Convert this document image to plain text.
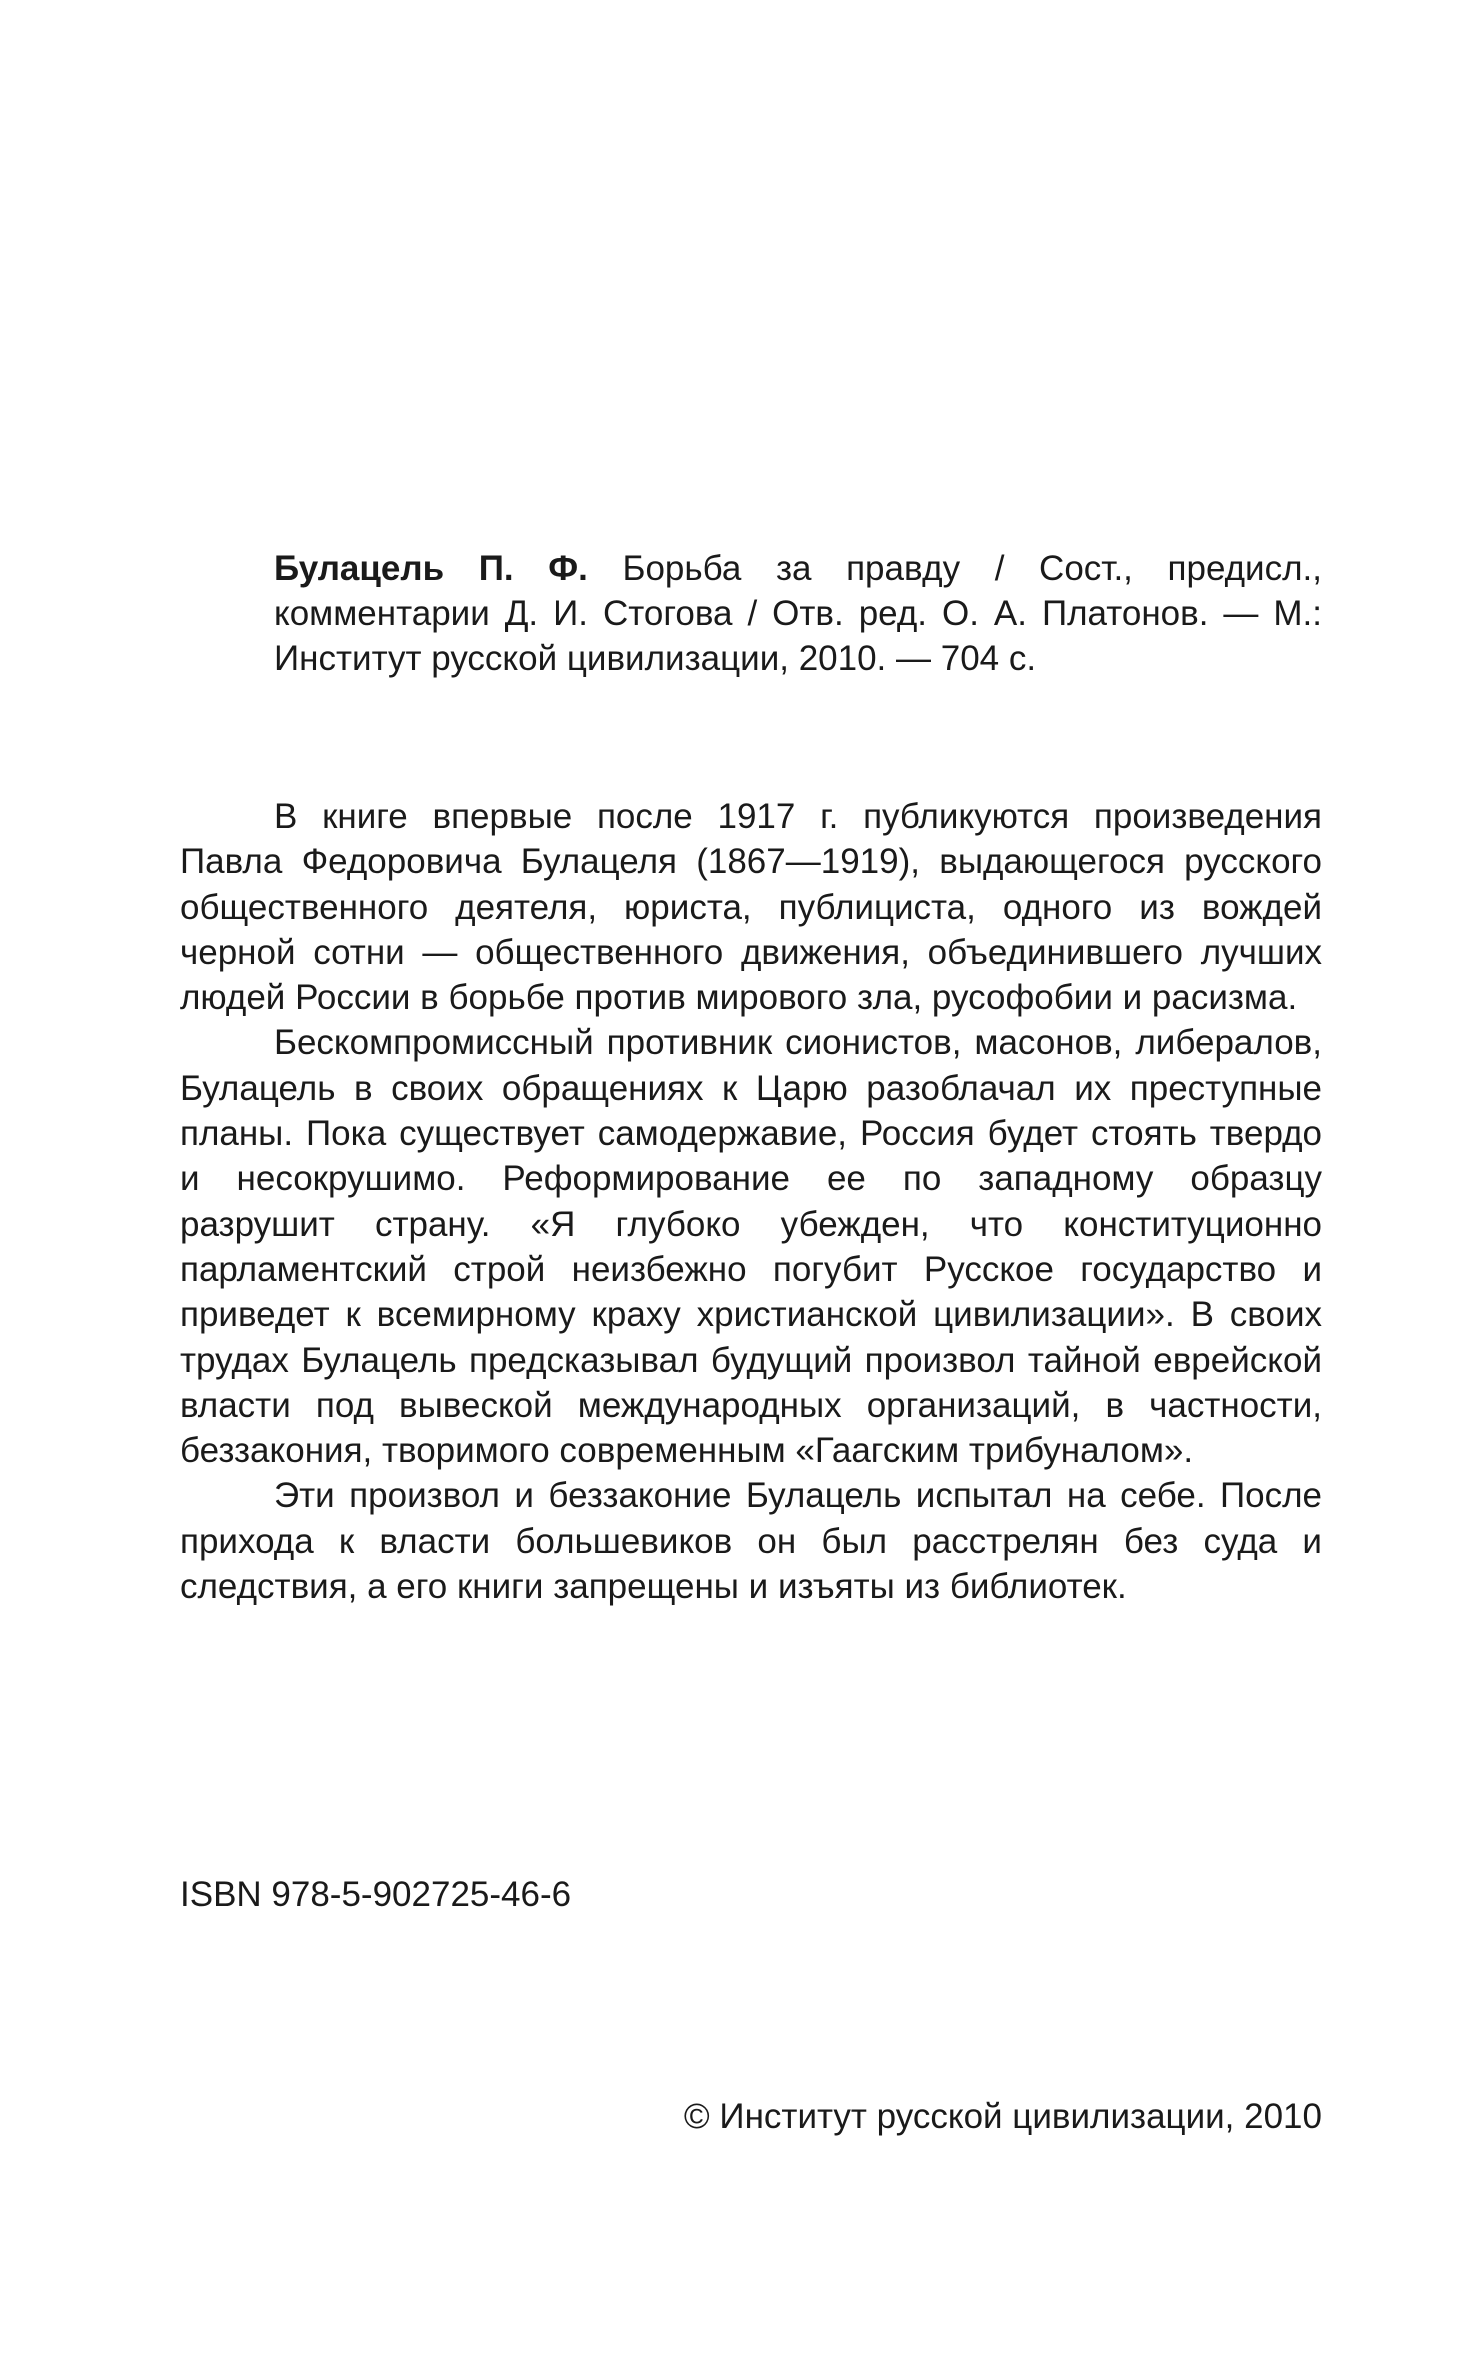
Булацель П. Ф. Борьба за правду / Сост., предисл., комментарии Д. И. Стогова / Отв. ред. О. А. Платонов. — М.: Институт русской цивилизации, 2010. — 704 с.

В книге впервые после 1917 г. публикуются произведения Павла Федоровича Булацеля (1867—1919), выдающегося русского общественного деятеля, юриста, публициста, одного из вождей черной сотни — общественного движения, объединившего лучших людей России в борьбе против мирового зла, русофобии и расизма.

Бескомпромиссный противник сионистов, масонов, либералов, Булацель в своих обращениях к Царю разоблачал их преступные планы. Пока существует самодержавие, Россия будет стоять твердо и несокрушимо. Реформирование ее по западному образцу разрушит страну. «Я глубоко убежден, что конституционно парламентский строй неизбежно погубит Русское государство и приведет к всемирному краху христианской цивилизации». В своих трудах Булацель предсказывал будущий произвол тайной еврейской власти под вывеской международных организаций, в частности, беззакония, творимого современным «Гаагским трибуналом».

Эти произвол и беззаконие Булацель испытал на себе. После прихода к власти большевиков он был расстрелян без суда и следствия, а его книги запрещены и изъяты из библиотек.

ISBN 978-5-902725-46-6
© Институт русской цивилизации, 2010
